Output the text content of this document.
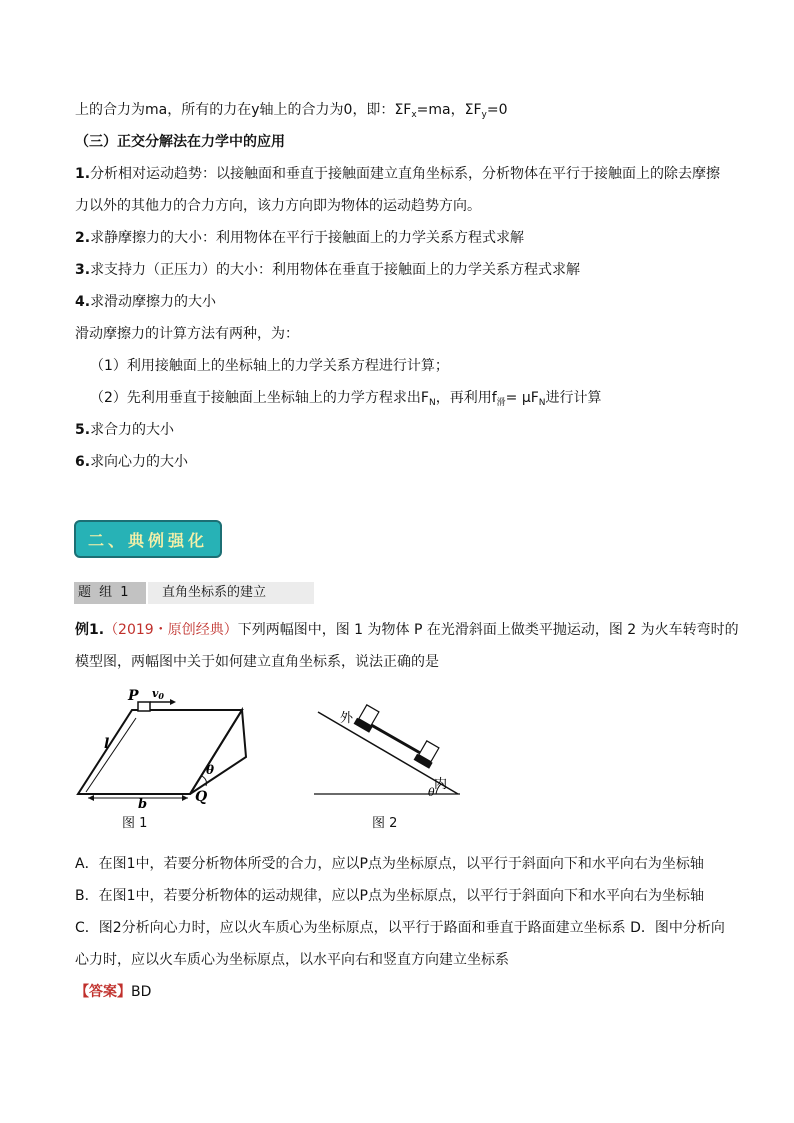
上的合力为ma，所有的力在y轴上的合力为0，即：$\Sigma F_x=ma$，$\Sigma F_y=0$
（三）正交分解法在力学中的应用
1.分析相对运动趋势：以接触面和垂直于接触面建立直角坐标系，分析物体在平行于接触面上的除去摩擦
力以外的其他力的合力方向，该力方向即为物体的运动趋势方向。
2.求静摩擦力的大小：利用物体在平行于接触面上的力学关系方程式求解
3.求支持力（正压力）的大小：利用物体在垂直于接触面上的力学关系方程式求解
4.求滑动摩擦力的大小
滑动摩擦力的计算方法有两种，为：
（1）利用接触面上的坐标轴上的力学关系方程进行计算；
（2）先利用垂直于接触面上坐标轴上的力学方程求出$F_N$，再利用$f_滑= \mu F_N$进行计算
5.求合力的大小
6.求向心力的大小
二、典例强化
题 组 1	直角坐标系的建立
例1.（2019・原创经典）下列两幅图中，图 1 为物体 P 在光滑斜面上做类平抛运动，图 2 为火车转弯时的
模型图，两幅图中关于如何建立直角坐标系，说法正确的是
P v0
l
b
θ
Q
图 1
外
内
θ
图 2
A．在图1中，若要分析物体所受的合力，应以P点为坐标原点，以平行于斜面向下和水平向右为坐标轴
B．在图1中，若要分析物体的运动规律，应以P点为坐标原点，以平行于斜面向下和水平向右为坐标轴
C．图2分析向心力时，应以火车质心为坐标原点，以平行于路面和垂直于路面建立坐标系 D．图中分析向
心力时，应以火车质心为坐标原点，以水平向右和竖直方向建立坐标系
【答案】BD
